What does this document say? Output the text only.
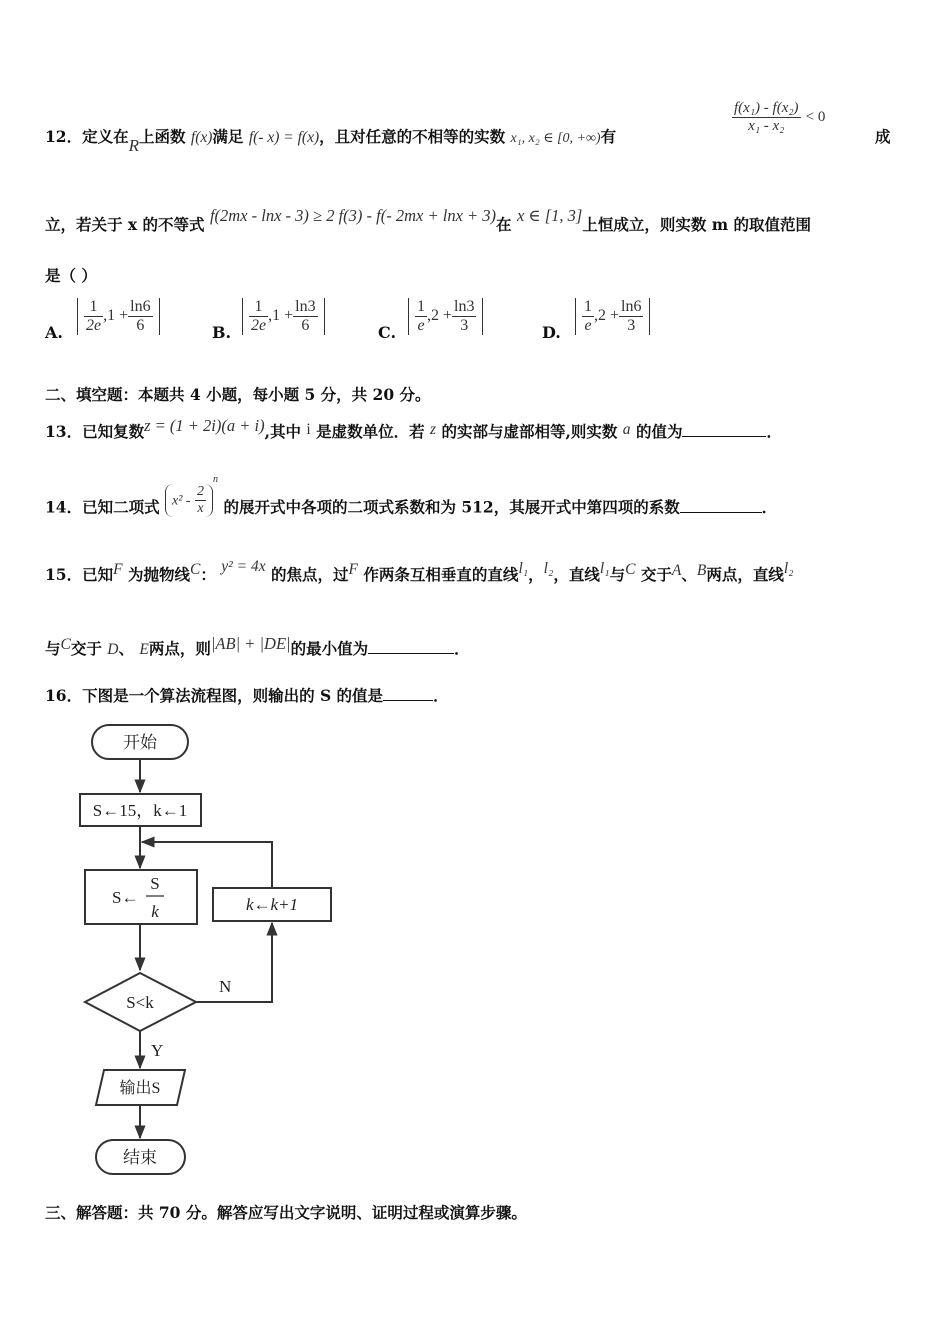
12．定义在R上函数 f(x)满足 f(- x) = f(x)，且对任意的不相等的实数 x₁, x₂ ∈ [0, +∞)有
$\frac{\text{f(x₁) - f(x₂)}}{\text{x₁ - x₂}} < 0$
成
立，若关于 x 的不等式 f(2mx - lnx - 3) ≥ 2 f(3) - f(- 2mx + lnx + 3)在 x ∈ [1, 3]上恒成立，则实数 m 的取值范围
是（ ）
A. $\frac{1}{2e} ,1 + \frac{\ln 6}{6}$	B. $\frac{1}{2e} ,1 + \frac{\ln 3}{6}$	C. $\frac{1}{e} ,2 + \frac{\ln 3}{3}$	D. $\frac{1}{e} ,2 + \frac{\ln 6}{3}$
二、填空题：本题共 4 小题，每小题 5 分，共 20 分。
13．已知复数z = (1 + 2i)(a + i),其中 i 是虚数单位．若 z 的实部与虚部相等,则实数 a 的值为	．
14．已知二项式 $x^2 - \frac{2}{x}$
$^n$ 的展开式中各项的二项式系数和为 512，其展开式中第四项的系数	．
15．已知F 为抛物线C： y² = 4x 的焦点，过F 作两条互相垂直的直线l₁，l₂，直线l₁与C 交于A、B两点，直线l₂
与C交于 D、 E两点，则|AB| + |DE|的最小值为	．
16．下图是一个算法流程图，则输出的 S 的值是	．
开始
S←15，k←1
S←
S
k	k←k+1
S<k
N
Y
输出S
结束
三、解答题：共 70 分。解答应写出文字说明、证明过程或演算步骤。
